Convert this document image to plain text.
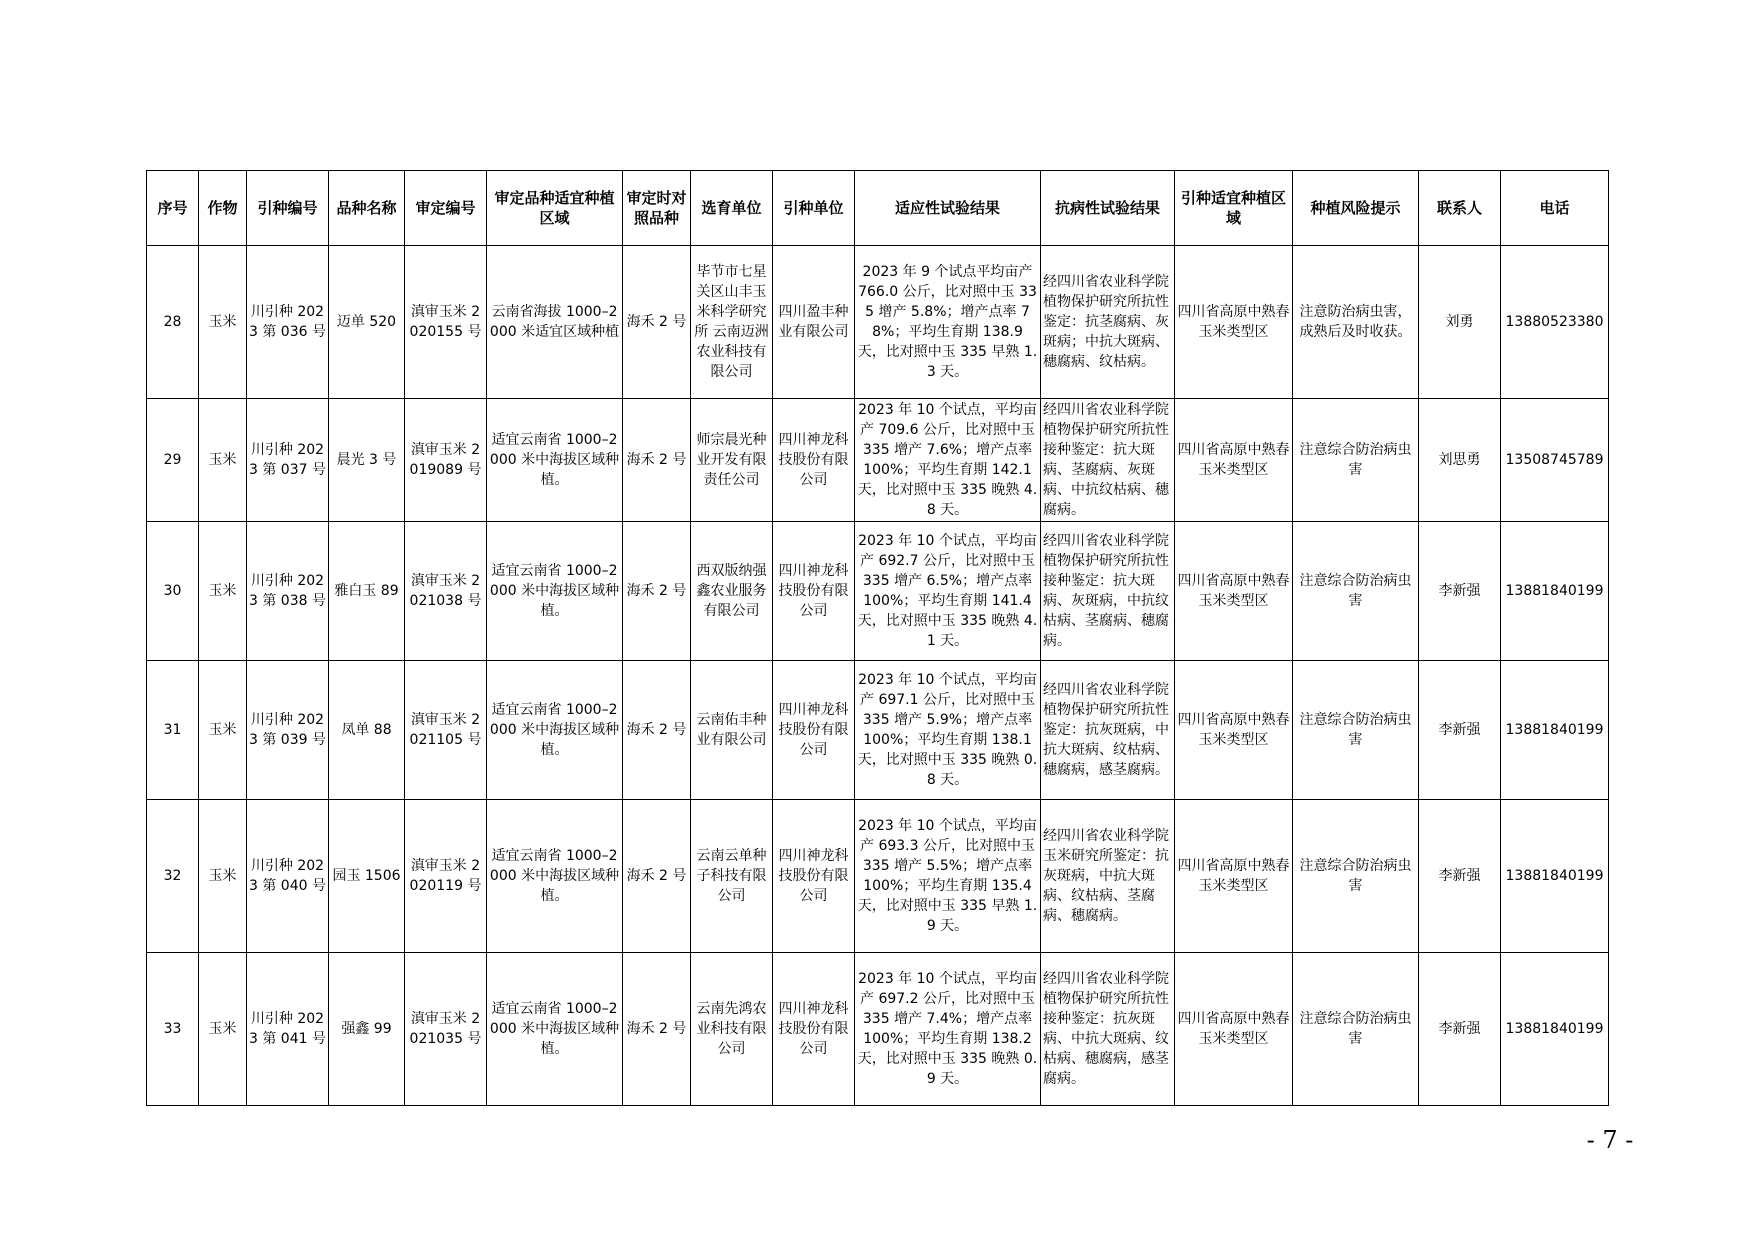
序号	作物	引种编号	品种名称	审定编号	审定品种适宜种植区域	审定时对照品种	选育单位	引种单位	适应性试验结果	抗病性试验结果	引种适宜种植区域	种植风险提示	联系人	电话
28	玉米	川引种 2023 第 036 号	迈单 520	滇审玉米 2020155 号	云南省海拔 1000–2000 米适宜区域种植	海禾 2 号	毕节市七星关区山丰玉米科学研究所 云南迈洲农业科技有限公司	四川盈丰种业有限公司	2023 年 9 个试点平均亩产 766.0 公斤，比对照中玉 335 增产 5.8%；增产点率 78%；平均生育期 138.9 天，比对照中玉 335 早熟 1.3 天。	经四川省农业科学院植物保护研究所抗性鉴定：抗茎腐病、灰斑病；中抗大斑病、穗腐病、纹枯病。	四川省高原中熟春玉米类型区	注意防治病虫害，成熟后及时收获。	刘勇	13880523380
29	玉米	川引种 2023 第 037 号	晨光 3 号	滇审玉米 2019089 号	适宜云南省 1000–2000 米中海拔区域种植。	海禾 2 号	师宗晨光种业开发有限责任公司	四川神龙科技股份有限公司	2023 年 10 个试点，平均亩产 709.6 公斤，比对照中玉 335 增产 7.6%；增产点率 100%；平均生育期 142.1 天，比对照中玉 335 晚熟 4.8 天。	经四川省农业科学院植物保护研究所抗性接种鉴定：抗大斑病、茎腐病、灰斑病、中抗纹枯病、穗腐病。	四川省高原中熟春玉米类型区	注意综合防治病虫害	刘思勇	13508745789
30	玉米	川引种 2023 第 038 号	雅白玉 89	滇审玉米 2021038 号	适宜云南省 1000–2000 米中海拔区域种植。	海禾 2 号	西双版纳强鑫农业服务有限公司	四川神龙科技股份有限公司	2023 年 10 个试点，平均亩产 692.7 公斤，比对照中玉 335 增产 6.5%；增产点率 100%；平均生育期 141.4 天，比对照中玉 335 晚熟 4.1 天。	经四川省农业科学院植物保护研究所抗性接种鉴定：抗大斑病、灰斑病，中抗纹枯病、茎腐病、穗腐病。	四川省高原中熟春玉米类型区	注意综合防治病虫害	李新强	13881840199
31	玉米	川引种 2023 第 039 号	凤单 88	滇审玉米 2021105 号	适宜云南省 1000–2000 米中海拔区域种植。	海禾 2 号	云南佑丰种业有限公司	四川神龙科技股份有限公司	2023 年 10 个试点，平均亩产 697.1 公斤，比对照中玉 335 增产 5.9%；增产点率 100%；平均生育期 138.1 天，比对照中玉 335 晚熟 0.8 天。	经四川省农业科学院植物保护研究所抗性鉴定：抗灰斑病，中抗大斑病、纹枯病、穗腐病，感茎腐病。	四川省高原中熟春玉米类型区	注意综合防治病虫害	李新强	13881840199
32	玉米	川引种 2023 第 040 号	园玉 1506	滇审玉米 2020119 号	适宜云南省 1000–2000 米中海拔区域种植。	海禾 2 号	云南云单种子科技有限公司	四川神龙科技股份有限公司	2023 年 10 个试点，平均亩产 693.3 公斤，比对照中玉 335 增产 5.5%；增产点率 100%；平均生育期 135.4 天，比对照中玉 335 早熟 1.9 天。	经四川省农业科学院玉米研究所鉴定：抗灰斑病，中抗大斑病、纹枯病、茎腐病、穗腐病。	四川省高原中熟春玉米类型区	注意综合防治病虫害	李新强	13881840199
33	玉米	川引种 2023 第 041 号	强鑫 99	滇审玉米 2021035 号	适宜云南省 1000–2000 米中海拔区域种植。	海禾 2 号	云南先鸿农业科技有限公司	四川神龙科技股份有限公司	2023 年 10 个试点，平均亩产 697.2 公斤，比对照中玉 335 增产 7.4%；增产点率 100%；平均生育期 138.2 天，比对照中玉 335 晚熟 0.9 天。	经四川省农业科学院植物保护研究所抗性接种鉴定：抗灰斑病、中抗大斑病、纹枯病、穗腐病，感茎腐病。	四川省高原中熟春玉米类型区	注意综合防治病虫害	李新强	13881840199
- 7 -
